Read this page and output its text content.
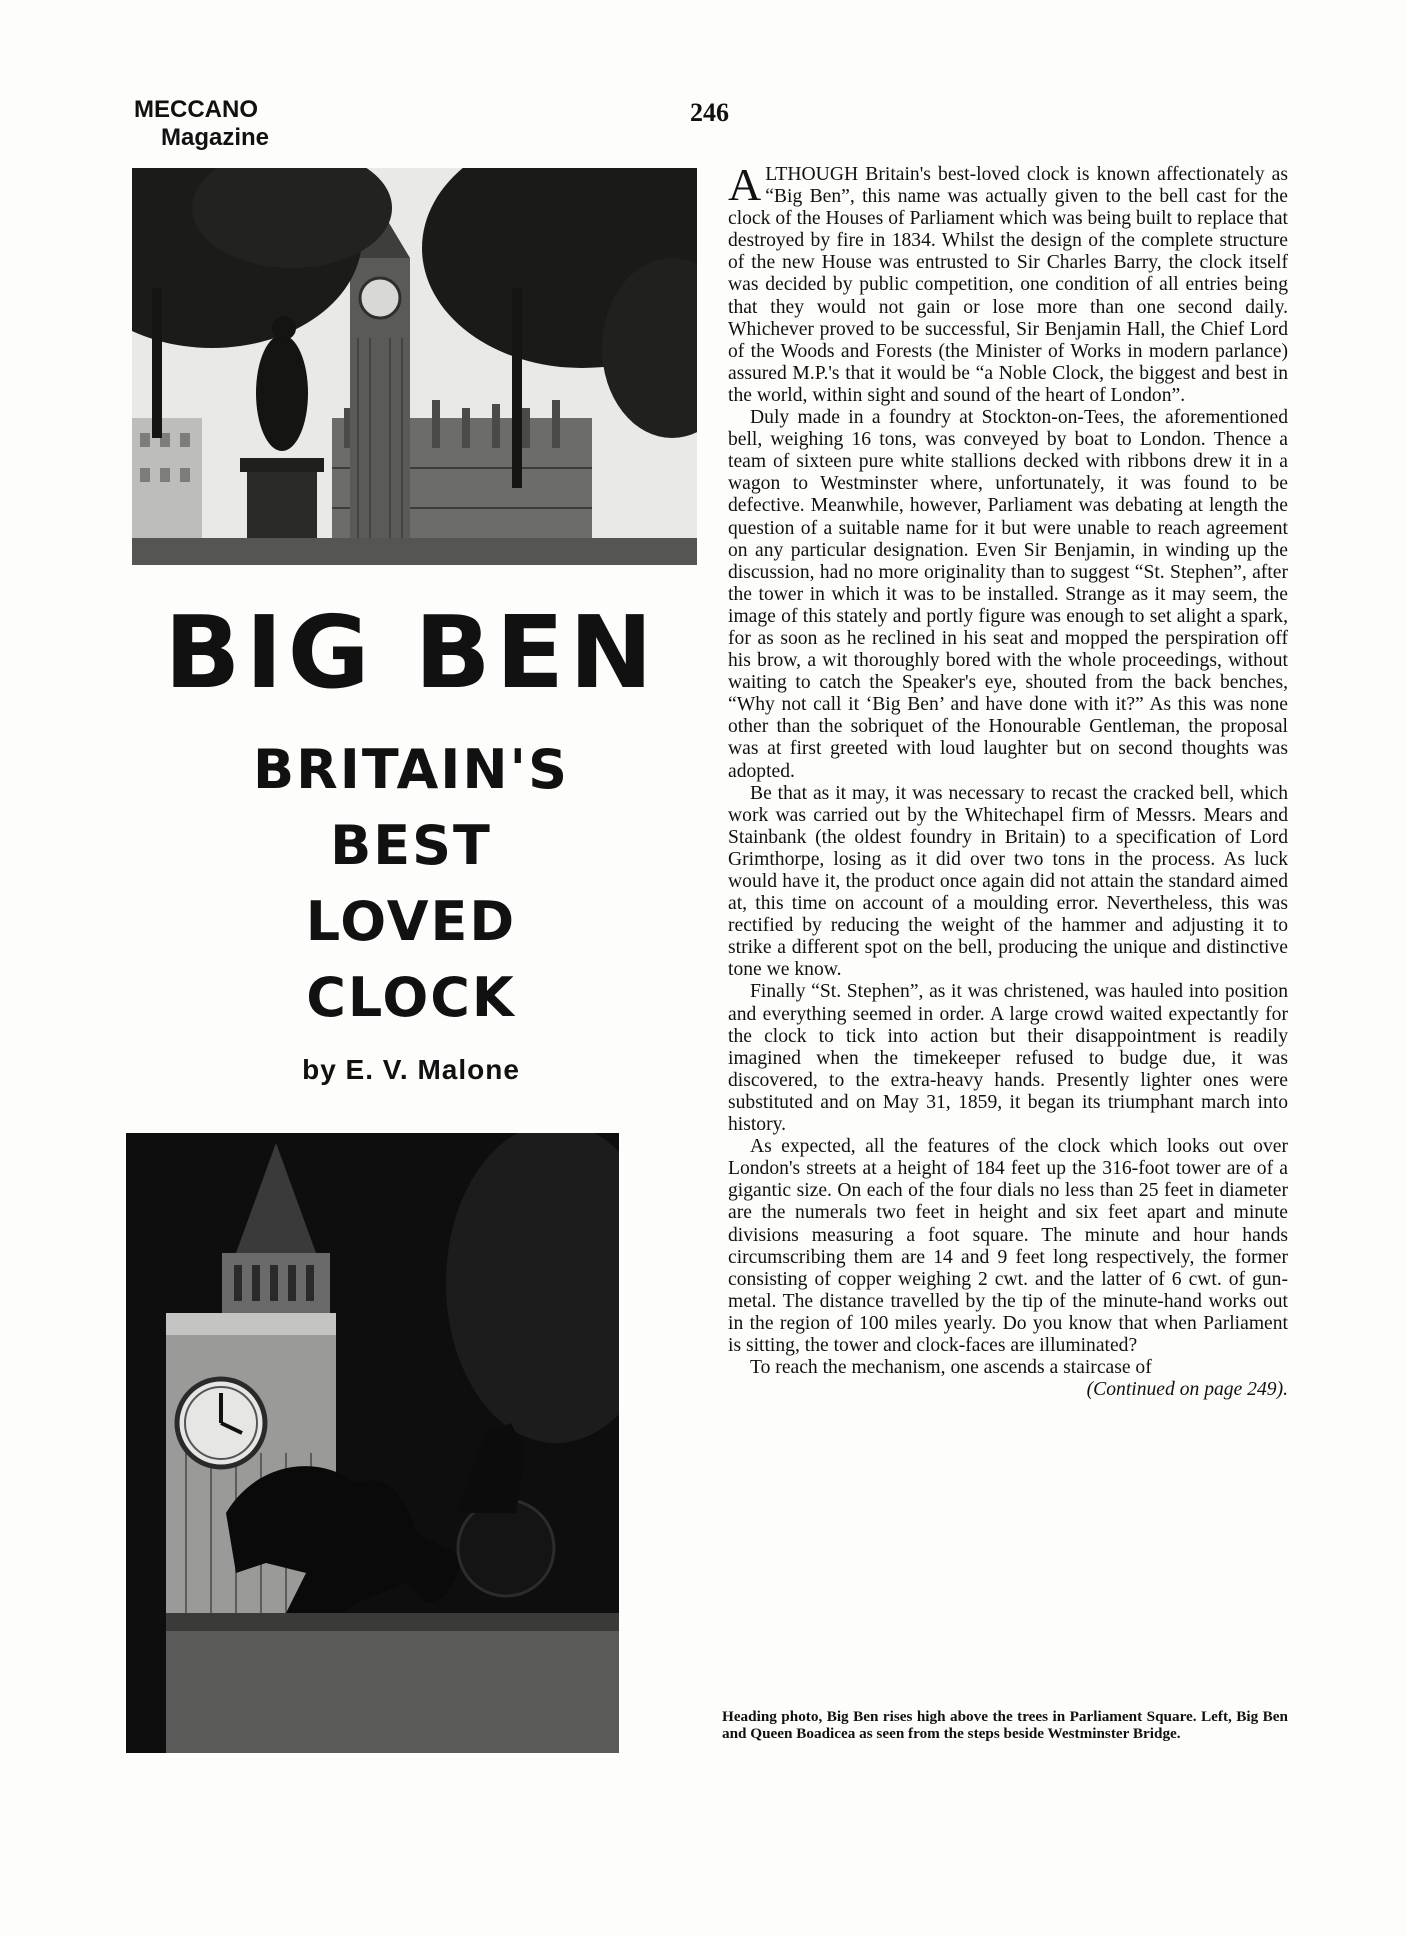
MECCANO
Magazine
246
BIG BEN
BRITAIN'S
BEST
LOVED
CLOCK
by E. V. Malone

ALTHOUGH Britain's best-loved clock is known affectionately as “Big Ben”, this name was actually given to the bell cast for the clock of the Houses of Parliament which was being built to replace that destroyed by fire in 1834. Whilst the design of the complete structure of the new House was entrusted to Sir Charles Barry, the clock itself was decided by public competition, one condition of all entries being that they would not gain or lose more than one second daily. Whichever proved to be successful, Sir Benjamin Hall, the Chief Lord of the Woods and Forests (the Minister of Works in modern parlance) assured M.P.'s that it would be “a Noble Clock, the biggest and best in the world, within sight and sound of the heart of London”.

Duly made in a foundry at Stockton-on-Tees, the aforementioned bell, weighing 16 tons, was conveyed by boat to London. Thence a team of sixteen pure white stallions decked with ribbons drew it in a wagon to Westminster where, unfortunately, it was found to be defective. Meanwhile, however, Parliament was debating at length the question of a suitable name for it but were unable to reach agreement on any particular designation. Even Sir Benjamin, in winding up the discussion, had no more originality than to suggest “St. Stephen”, after the tower in which it was to be installed. Strange as it may seem, the image of this stately and portly figure was enough to set alight a spark, for as soon as he reclined in his seat and mopped the perspiration off his brow, a wit thoroughly bored with the whole proceedings, without waiting to catch the Speaker's eye, shouted from the back benches, “Why not call it ‘Big Ben’ and have done with it?” As this was none other than the sobriquet of the Honourable Gentleman, the proposal was at first greeted with loud laughter but on second thoughts was adopted.

Be that as it may, it was necessary to recast the cracked bell, which work was carried out by the Whitechapel firm of Messrs. Mears and Stainbank (the oldest foundry in Britain) to a specification of Lord Grimthorpe, losing as it did over two tons in the process. As luck would have it, the product once again did not attain the standard aimed at, this time on account of a moulding error. Nevertheless, this was rectified by reducing the weight of the hammer and adjusting it to strike a different spot on the bell, producing the unique and distinctive tone we know.

Finally “St. Stephen”, as it was christened, was hauled into position and everything seemed in order. A large crowd waited expectantly for the clock to tick into action but their disappointment is readily imagined when the timekeeper refused to budge due, it was discovered, to the extra-heavy hands. Presently lighter ones were substituted and on May 31, 1859, it began its triumphant march into history.

As expected, all the features of the clock which looks out over London's streets at a height of 184 feet up the 316-foot tower are of a gigantic size. On each of the four dials no less than 25 feet in diameter are the numerals two feet in height and six feet apart and minute divisions measuring a foot square. The minute and hour hands circumscribing them are 14 and 9 feet long respectively, the former consisting of copper weighing 2 cwt. and the latter of 6 cwt. of gun-metal. The distance travelled by the tip of the minute-hand works out in the region of 100 miles yearly. Do you know that when Parliament is sitting, the tower and clock-faces are illuminated?

To reach the mechanism, one ascends a staircase of

(Continued on page 249).

Heading photo, Big Ben rises high above the trees in Parliament Square. Left, Big Ben and Queen Boadicea as seen from the steps beside Westminster Bridge.
